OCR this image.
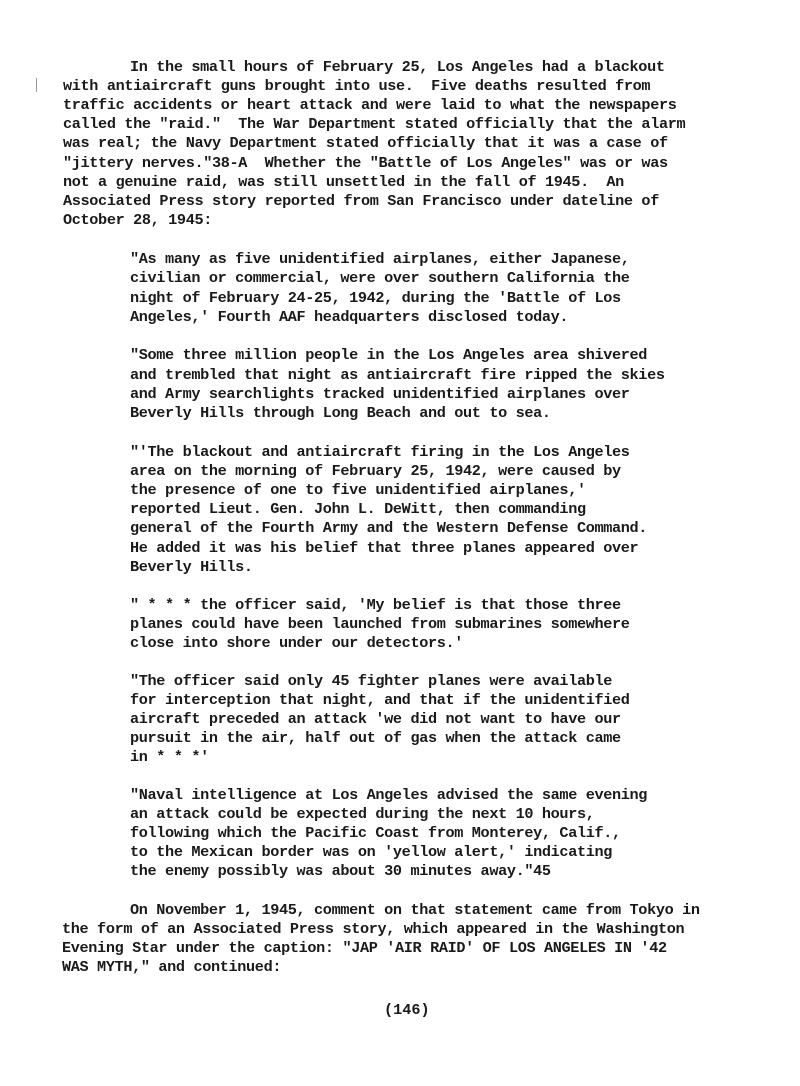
In the small hours of February 25, Los Angeles had a blackout
with antiaircraft guns brought into use.  Five deaths resulted from
traffic accidents or heart attack and were laid to what the newspapers
called the "raid."  The War Department stated officially that the alarm
was real; the Navy Department stated officially that it was a case of
"jittery nerves."38-A  Whether the "Battle of Los Angeles" was or was
not a genuine raid, was still unsettled in the fall of 1945.  An
Associated Press story reported from San Francisco under dateline of
October 28, 1945:
"As many as five unidentified airplanes, either Japanese,
civilian or commercial, were over southern California the
night of February 24-25, 1942, during the 'Battle of Los
Angeles,' Fourth AAF headquarters disclosed today.
"Some three million people in the Los Angeles area shivered
and trembled that night as antiaircraft fire ripped the skies
and Army searchlights tracked unidentified airplanes over
Beverly Hills through Long Beach and out to sea.
"'The blackout and antiaircraft firing in the Los Angeles
area on the morning of February 25, 1942, were caused by
the presence of one to five unidentified airplanes,'
reported Lieut. Gen. John L. DeWitt, then commanding
general of the Fourth Army and the Western Defense Command.
He added it was his belief that three planes appeared over
Beverly Hills.
" * * * the officer said, 'My belief is that those three
planes could have been launched from submarines somewhere
close into shore under our detectors.'
"The officer said only 45 fighter planes were available
for interception that night, and that if the unidentified
aircraft preceded an attack 'we did not want to have our
pursuit in the air, half out of gas when the attack came
in * * *'
"Naval intelligence at Los Angeles advised the same evening
an attack could be expected during the next 10 hours,
following which the Pacific Coast from Monterey, Calif.,
to the Mexican border was on 'yellow alert,' indicating
the enemy possibly was about 30 minutes away."45
On November 1, 1945, comment on that statement came from Tokyo in
the form of an Associated Press story, which appeared in the Washington
Evening Star under the caption: "JAP 'AIR RAID' OF LOS ANGELES IN '42
WAS MYTH," and continued:
(146)
